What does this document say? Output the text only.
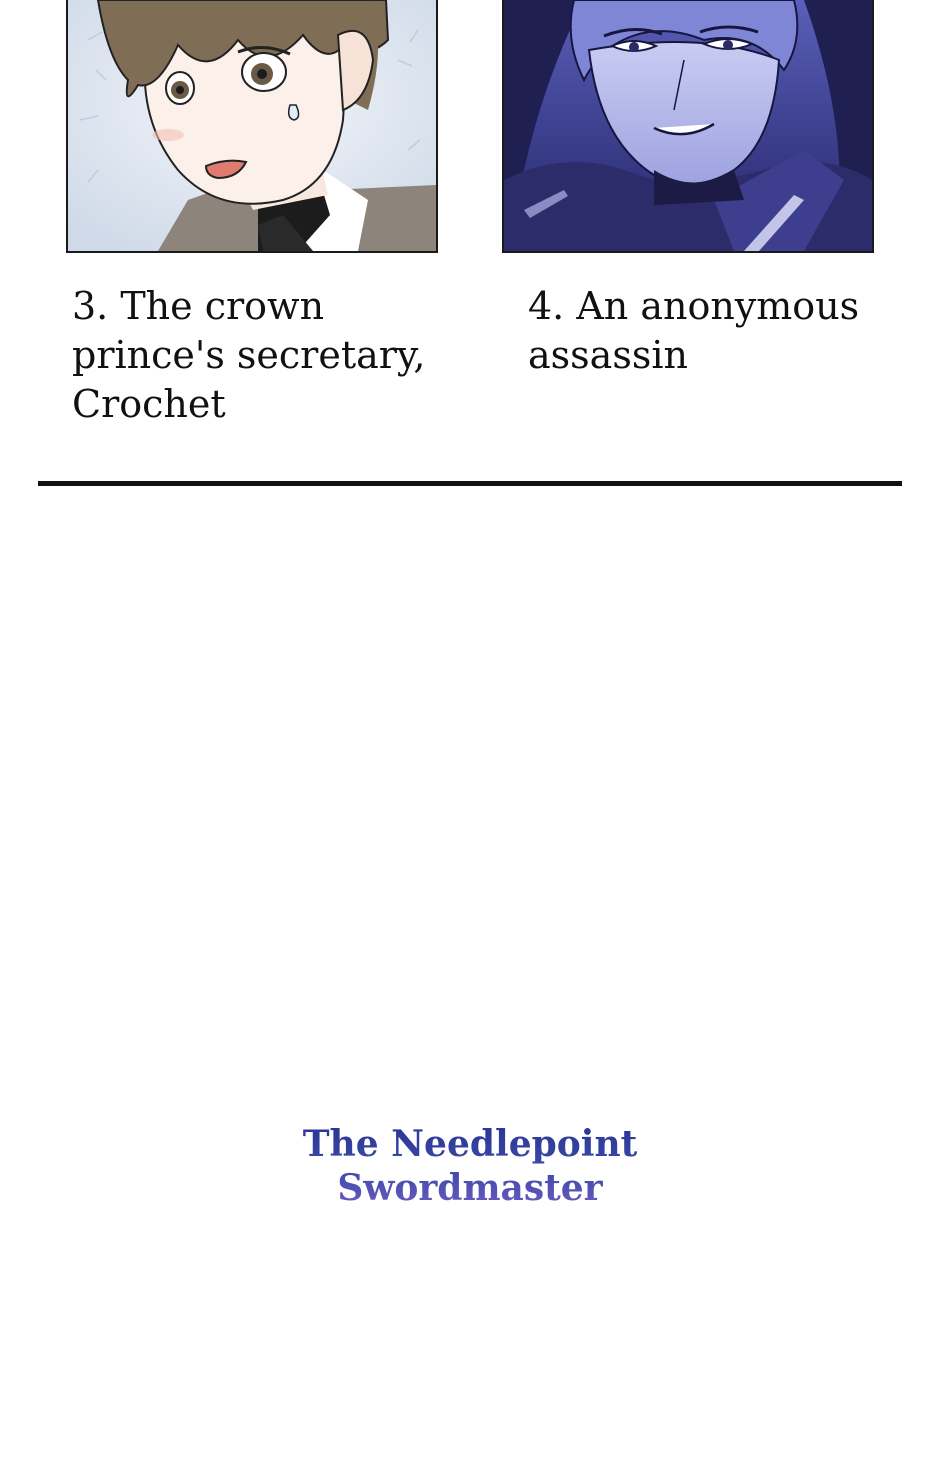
3. The crown
prince's secretary,
Crochet

4. An anonymous
assassin

The Needlepoint
Swordmaster
